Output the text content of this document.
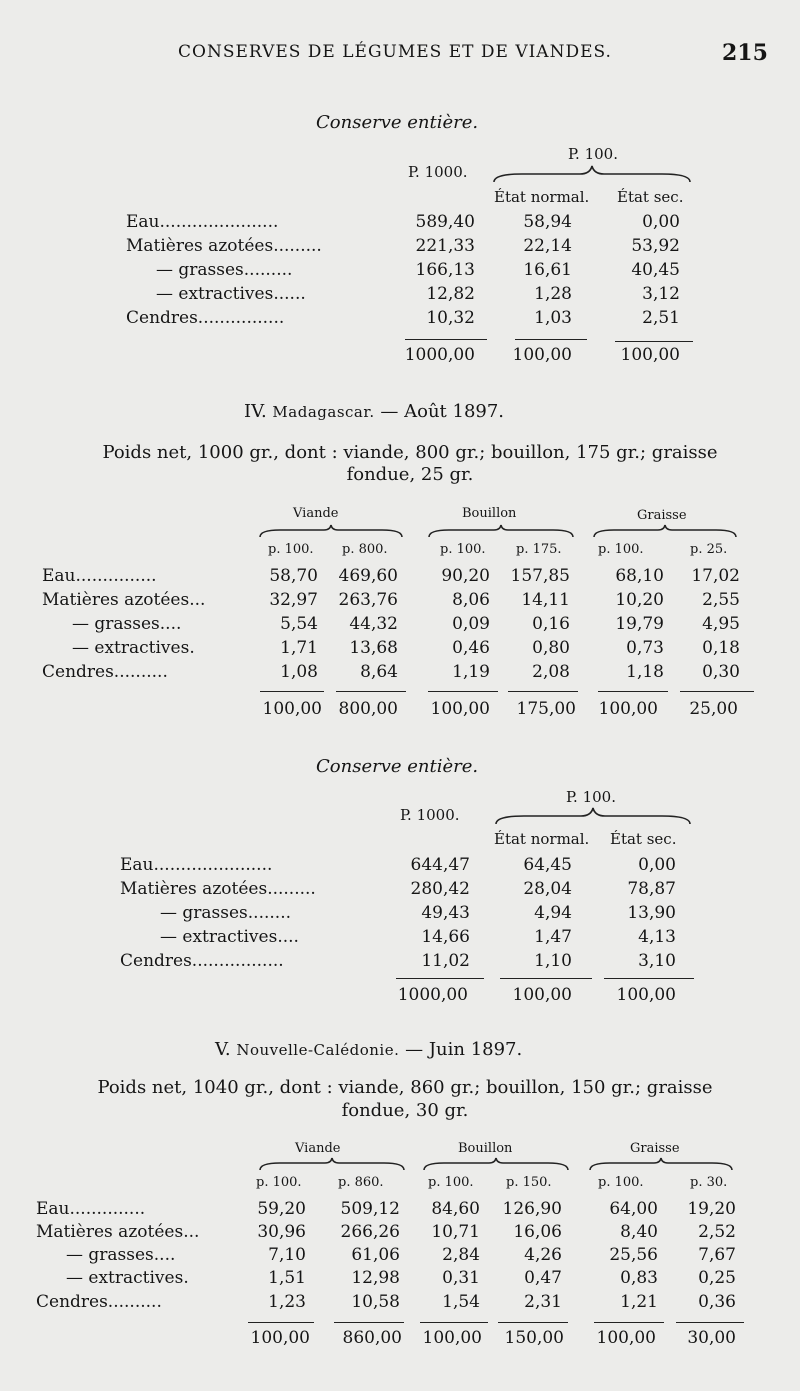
CONSERVES DE LÉGUMES ET DE VIANDES.	215
Conserve entière.
P. 100.
P. 1000.
État normal. État sec.
Eau......................	589,40	58,94	0,00
Matières azotées.........	221,33	22,14	53,92
— grasses.........	166,13	16,61	40,45
— extractives......	12,82	1,28	3,12
Cendres................	10,32	1,03	2,51
1000,00	100,00	100,00
IV. Madagascar. — Août 1897.
Poids net, 1000 gr., dont : viande, 800 gr.; bouillon, 175 gr.; graisse
fondue, 25 gr.
Viande	Bouillon	Graisse
p. 100. p. 800.	p. 100. p. 175.	p. 100.	p. 25.
Eau...............	58,70	469,60	90,20	157,85	68,10	17,02
Matières azotées...	32,97	263,76	8,06	14,11	10,20	2,55
— grasses....	5,54	44,32	0,09	0,16	19,79	4,95
— extractives.	1,71	13,68	0,46	0,80	0,73	0,18
Cendres..........	1,08	8,64	1,19	2,08	1,18	0,30
100,00 800,00	100,00	175,00	100,00	25,00
Conserve entière.
P. 100.
P. 1000.
État normal. État sec.
Eau......................	644,47	64,45	0,00
Matières azotées.........	280,42	28,04	78,87
— grasses........	49,43	4,94	13,90
— extractives....	14,66	1,47	4,13
Cendres.................	11,02	1,10	3,10
1000,00	100,00	100,00
V. Nouvelle-Calédonie. — Juin 1897.
Poids net, 1040 gr., dont : viande, 860 gr.; bouillon, 150 gr.; graisse
fondue, 30 gr.
Viande	Bouillon	Graisse
p. 100.	p. 860.	p. 100. p. 150.	p. 100.	p. 30.
Eau..............	59,20	509,12	84,60	126,90	64,00	19,20
Matières azotées...	30,96	266,26	10,71	16,06	8,40	2,52
— grasses....	7,10	61,06	2,84	4,26	25,56	7,67
— extractives.	1,51	12,98	0,31	0,47	0,83	0,25
Cendres..........	1,23	10,58	1,54	2,31	1,21	0,36
100,00	860,00	100,00	150,00	100,00	30,00
